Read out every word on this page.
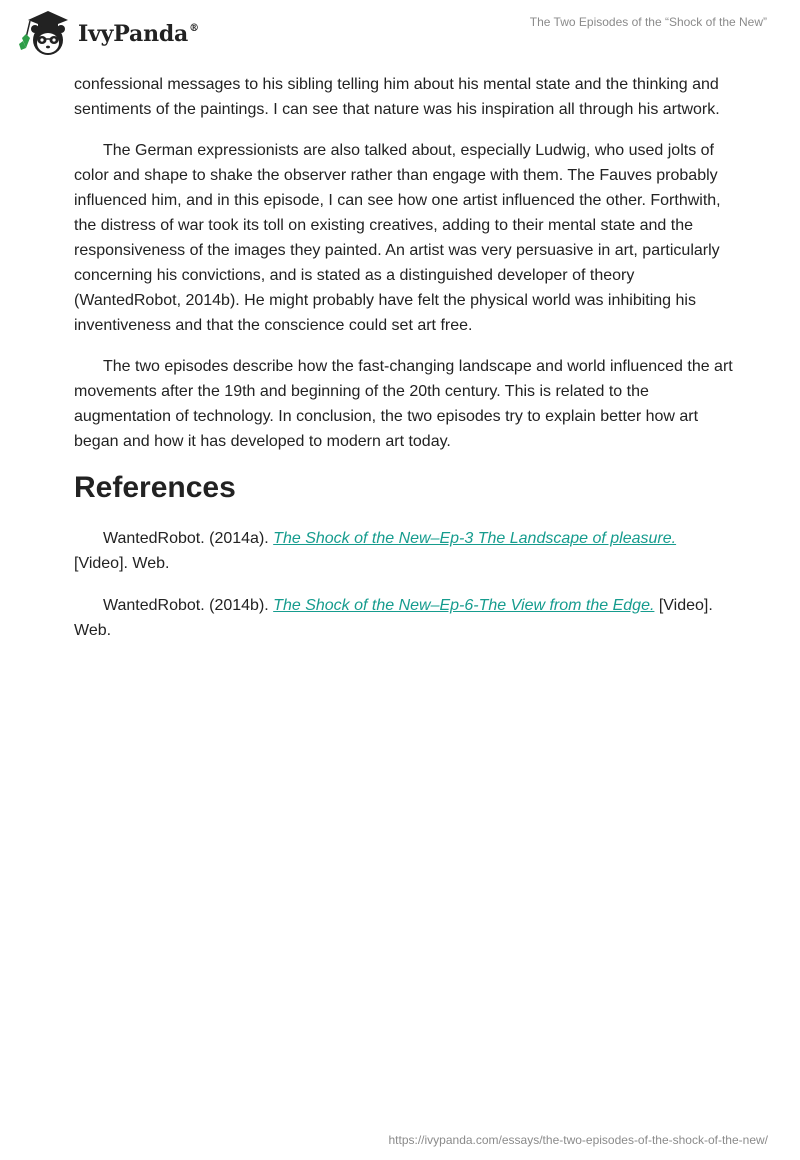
IvyPanda®	The Two Episodes of the “Shock of the New”

confessional messages to his sibling telling him about his mental state and the thinking and sentiments of the paintings. I can see that nature was his inspiration all through his artwork.

The German expressionists are also talked about, especially Ludwig, who used jolts of color and shape to shake the observer rather than engage with them. The Fauves probably influenced him, and in this episode, I can see how one artist influenced the other. Forthwith, the distress of war took its toll on existing creatives, adding to their mental state and the responsiveness of the images they painted. An artist was very persuasive in art, particularly concerning his convictions, and is stated as a distinguished developer of theory (WantedRobot, 2014b). He might probably have felt the physical world was inhibiting his inventiveness and that the conscience could set art free.

The two episodes describe how the fast-changing landscape and world influenced the art movements after the 19th and beginning of the 20th century. This is related to the augmentation of technology. In conclusion, the two episodes try to explain better how art began and how it has developed to modern art today.

References

WantedRobot. (2014a). The Shock of the New–Ep-3 The Landscape of pleasure. [Video]. Web.

WantedRobot. (2014b). The Shock of the New–Ep-6-The View from the Edge. [Video]. Web.

https://ivypanda.com/essays/the-two-episodes-of-the-shock-of-the-new/
